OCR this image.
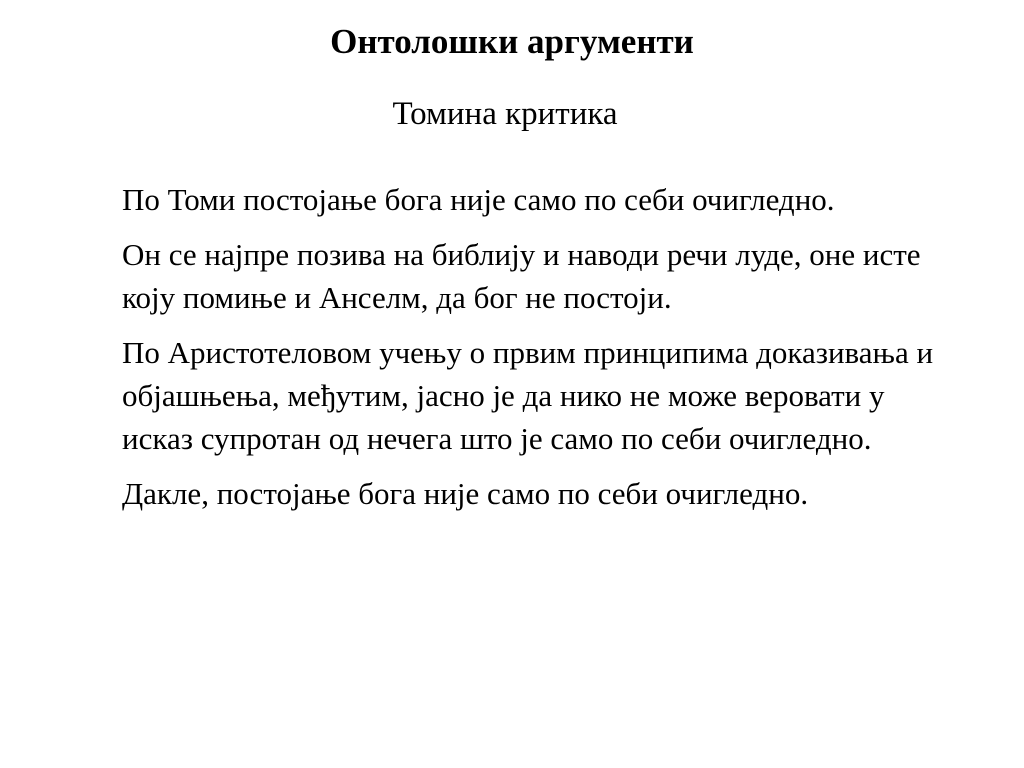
Онтолошки аргументи
Томина критика

По Томи постојање бога није само по себи очигледно.

Он се најпре позива на библију и наводи речи луде, оне исте коју помиње и Анселм, да бог не постоји.

По Аристотеловом учењу о првим принципима доказивања и објашњења, међутим, јасно је да нико не може веровати у исказ супротан од нечега што је само по себи очигледно.

Дакле, постојање бога није само по себи очигледно.
